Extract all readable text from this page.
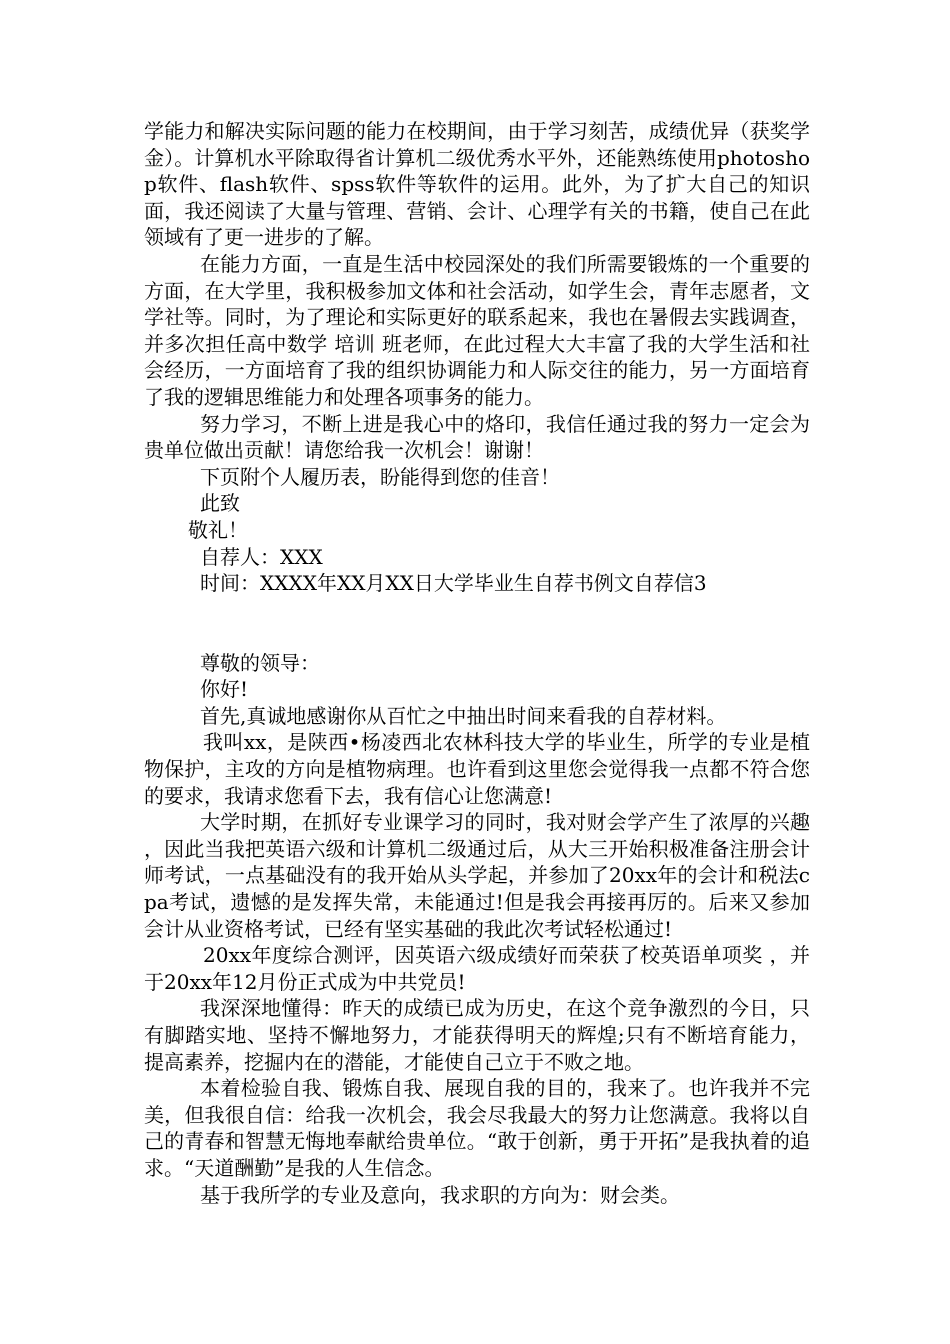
学能力和解决实际问题的能力在校期间，由于学习刻苦，成绩优异（获奖学金）。计算机水平除取得省计算机二级优秀水平外，还能熟练使用photoshop软件、flash软件、spss软件等软件的运用。此外，为了扩大自己的知识面，我还阅读了大量与管理、营销、会计、心理学有关的书籍，使自己在此领域有了更一进步的了解。

在能力方面，一直是生活中校园深处的我们所需要锻炼的一个重要的方面，在大学里，我积极参加文体和社会活动，如学生会，青年志愿者，文学社等。同时，为了理论和实际更好的联系起来，我也在暑假去实践调查，并多次担任高中数学 培训 班老师，在此过程大大丰富了我的大学生活和社会经历，一方面培育了我的组织协调能力和人际交往的能力，另一方面培育了我的逻辑思维能力和处理各项事务的能力。

努力学习，不断上进是我心中的烙印，我信任通过我的努力一定会为贵单位做出贡献！请您给我一次机会！谢谢！

下页附个人履历表，盼能得到您的佳音！

此致

敬礼！

自荐人：XXX

时间：XXXX年XX月XX日大学毕业生自荐书例文自荐信3

尊敬的领导：

你好!

首先,真诚地感谢你从百忙之中抽出时间来看我的自荐材料。

我叫xx，是陕西•杨凌西北农林科技大学的毕业生，所学的专业是植物保护，主攻的方向是植物病理。也许看到这里您会觉得我一点都不符合您的要求，我请求您看下去，我有信心让您满意!

大学时期，在抓好专业课学习的同时，我对财会学产生了浓厚的兴趣 ，因此当我把英语六级和计算机二级通过后，从大三开始积极准备注册会计师考试，一点基础没有的我开始从头学起，并参加了20xx年的会计和税法cpa考试，遗憾的是发挥失常，未能通过!但是我会再接再厉的。后来又参加会计从业资格考试，已经有坚实基础的我此次考试轻松通过!

20xx年度综合测评，因英语六级成绩好而荣获了校英语单项奖 ，并于20xx年12月份正式成为中共党员!

我深深地懂得：昨天的成绩已成为历史，在这个竞争激烈的今日，只有脚踏实地、坚持不懈地努力，才能获得明天的辉煌;只有不断培育能力，提高素养，挖掘内在的潜能，才能使自己立于不败之地。

本着检验自我、锻炼自我、展现自我的目的，我来了。也许我并不完美，但我很自信：给我一次机会，我会尽我最大的努力让您满意。我将以自己的青春和智慧无悔地奉献给贵单位。“敢于创新，勇于开拓”是我执着的追求。“天道酬勤”是我的人生信念。

基于我所学的专业及意向，我求职的方向为：财会类。
